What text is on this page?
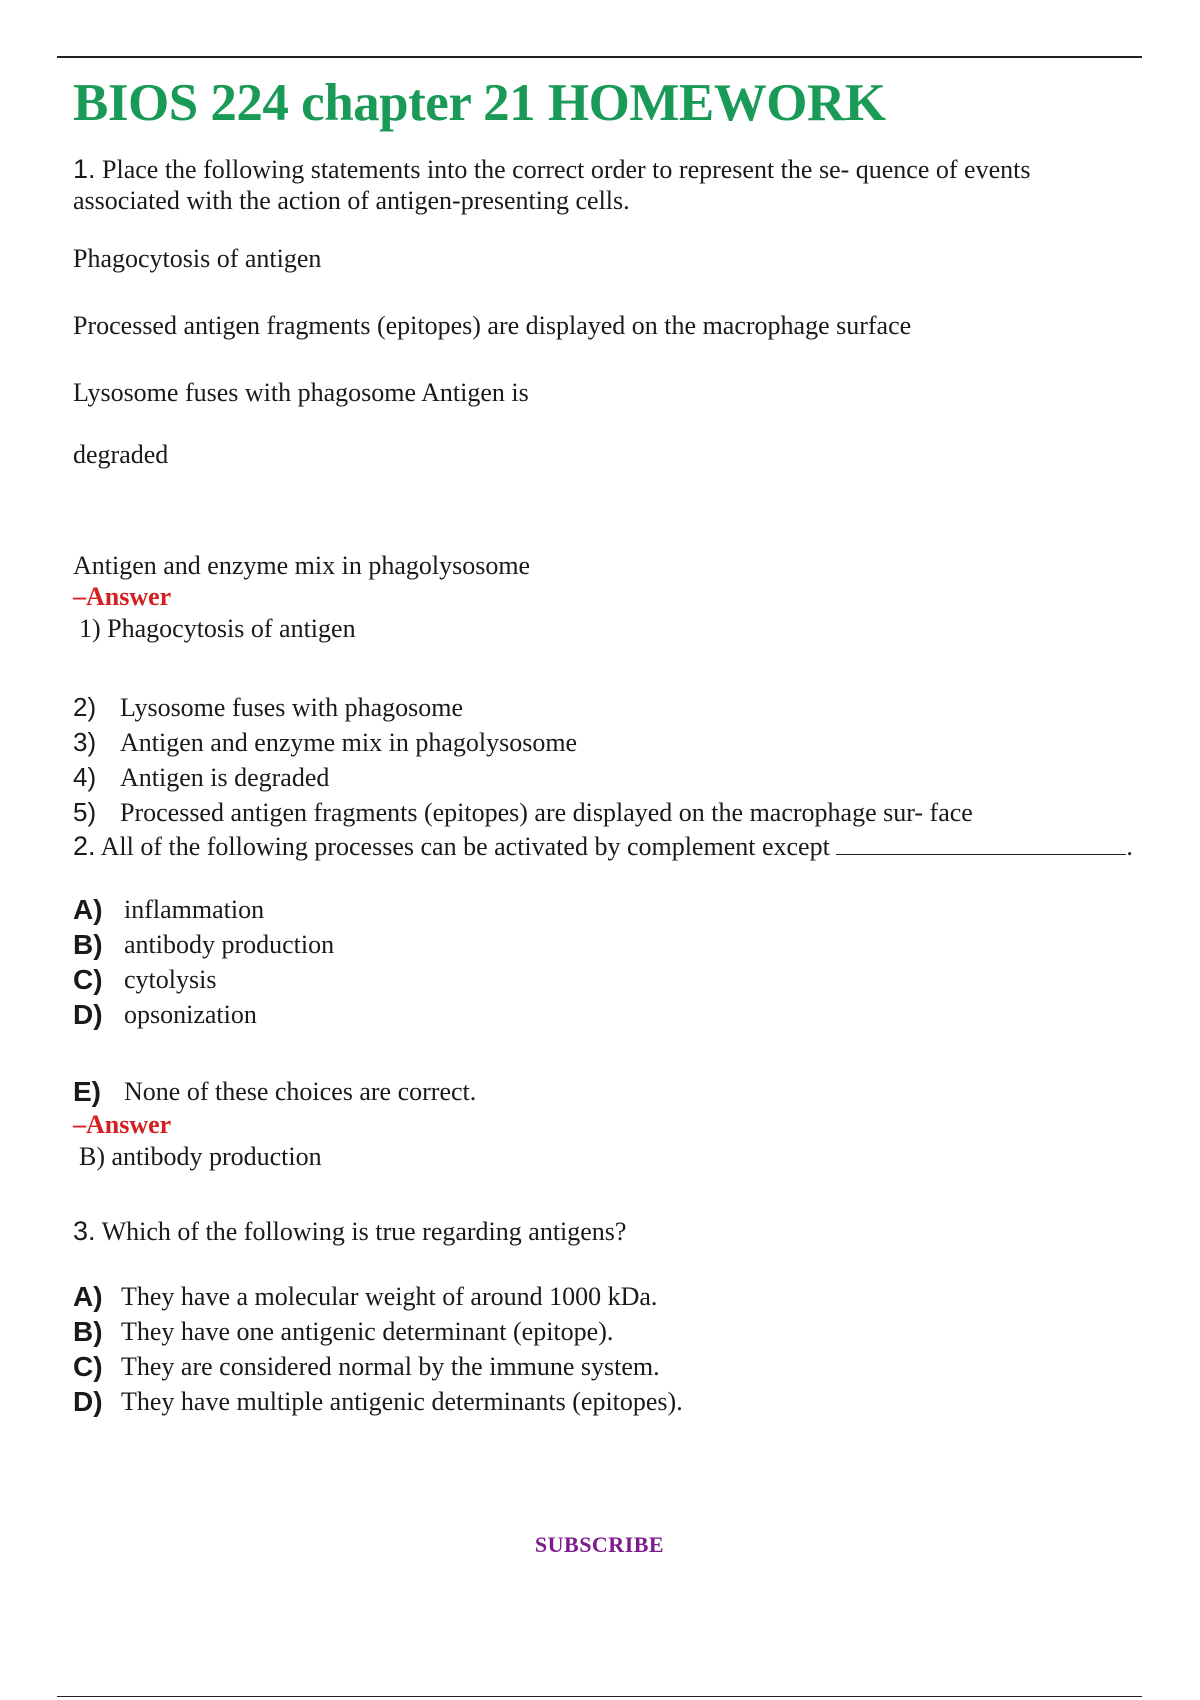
BIOS 224 chapter 21 HOMEWORK

1. Place the following statements into the correct order to represent the se- quence of events associated with the action of antigen-presenting cells.

Phagocytosis of antigen

Processed antigen fragments (epitopes) are displayed on the macrophage surface

Lysosome fuses with phagosome Antigen is

degraded

Antigen and enzyme mix in phagolysosome

–Answer

1) Phagocytosis of antigen

2) Lysosome fuses with phagosome
3) Antigen and enzyme mix in phagolysosome
4) Antigen is degraded
5) Processed antigen fragments (epitopes) are displayed on the macrophage sur- face

2. All of the following processes can be activated by complement except	.

A) inflammation
B) antibody production
C) cytolysis
D) opsonization
E) None of these choices are correct.

–Answer

B) antibody production

3. Which of the following is true regarding antigens?

A) They have a molecular weight of around 1000 kDa.
B) They have one antigenic determinant (epitope).
C) They are considered normal by the immune system.
D) They have multiple antigenic determinants (epitopes).
SUBSCRIBE
